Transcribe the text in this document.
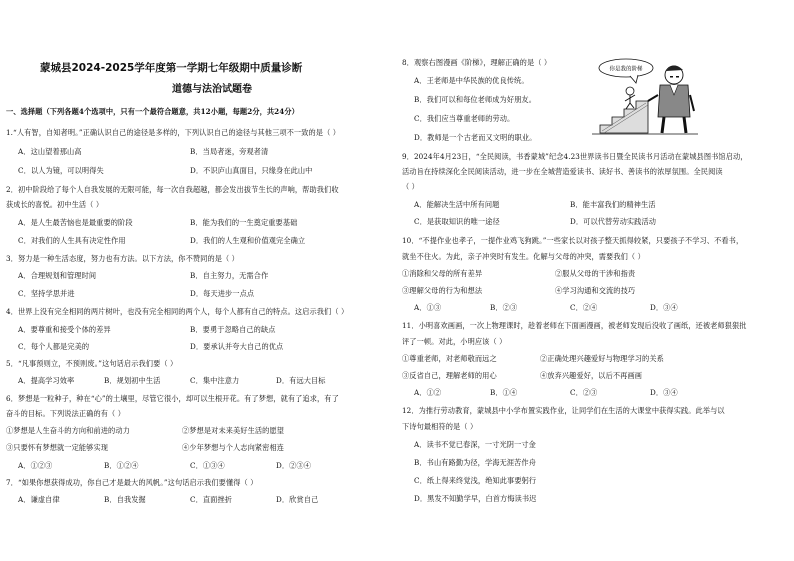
蒙城县2024-2025学年度第一学期七年级期中质量诊断
道德与法治试题卷
一、选择题（下列各题4个选项中，只有一个最符合题意，共12小题，每题2分，共24分）
1.“人有智，自知者明。”正确认识自己的途径是多样的，下列认识自己的途径与其他三项不一致的是（ ）
A．这山望着那山高	B．当局者迷，旁观者清
C．以人为镜，可以明得失	D．不识庐山真面目，只缘身在此山中
2．初中阶段给了每个人自我发展的无限可能，每一次自我超越，都会发出拔节生长的声响，帮助我们收
获成长的喜悦。初中生活（ ）
A．是人生最苦恼也是最重要的阶段	B．能为我们的一生奠定重要基础
C．对我们的人生具有决定性作用	D．我们的人生观和价值观完全确立
3．努力是一种生活态度，努力也有方法。以下方法，你不赞同的是（ ）
A．合理规划和管理时间	B．自主努力，无需合作
C．坚持学思并进	D．每天进步一点点
4．世界上没有完全相同的两片树叶，也没有完全相同的两个人，每个人都有自己的特点。这启示我们（ ）
A．要尊重和接受个体的差异	B．要勇于忽略自己的缺点
C．每个人都是完美的	D．要承认并夸大自己的优点
5．“凡事预则立，不预则废。”这句话启示我们要（ ）
A．提高学习效率	B．规划初中生活	C．集中注意力	D．有远大目标
6．梦想是一粒种子，种在“心”的土壤里，尽管它很小，却可以生根开花。有了梦想，就有了追求，有了
奋斗的目标。下列说法正确的有（ ）
①梦想是人生奋斗的方向和前进的动力	②梦想是对未来美好生活的愿望
③只要怀有梦想就一定能够实现	④少年梦想与个人志向紧密相连
A．①②③	B．①②④	C．①③④	D．②③④
7．“如果你想获得成功，你自己才是最大的风帆。”这句话启示我们要懂得（ ）
A．谦虚自律	B．自我发掘	C．直面挫折	D．欣赏自己
8．观察右图漫画《阶梯》，理解正确的是（ ）
A．王老师是中华民族的优良传统。
B．我们可以和每位老师成为好朋友。
C．我们应当尊重老师的劳动。
D．教师是一个古老而又文明的职业。
你是我的阶梯
9．2024年4月23日，“全民阅读，书香蒙城”纪念4.23世界读书日暨全民读书月活动在蒙城县图书馆启动，
活动旨在持续深化全民阅读活动，进一步在全城营造爱读书、读好书、善读书的浓厚氛围。全民阅读
（ ）
A．能解决生活中所有问题	B．能丰富我们的精神生活
C．是获取知识的唯一途径	D．可以代替劳动实践活动
10．“不提作业也孝子，一提作业鸡飞狗跳。”一些家长以对孩子整天抓得较紧，只要孩子不学习、不看书，
就坐不住火。为此，亲子冲突时有发生。化解与父母的冲突，需要我们（ ）
①消除和父母的所有差异	②服从父母的干涉和指责
③理解父母的行为和想法	④学习沟通和交流的技巧
A．①③	B．②③	C．②④	D．③④
11．小明喜欢画画，一次上物理课时，趁着老师在下面画漫画，被老师发现后没收了画纸，还被老师狠狠批
评了一顿。对此，小明应该（ ）
①尊重老师，对老师敬而远之	②正确处理兴趣爱好与物理学习的关系
③反省自己，理解老师的用心	④放弃兴趣爱好，以后不再画画
A．①②	B．①④	C．②③	D．③④
12．为推行劳动教育，蒙城县中小学布置实践作业，让同学们在生活的大课堂中获得实践。此举与以
下诗句最相符的是（ ）
A．读书不觉已春深，一寸光阴一寸金
B．书山有路勤为径，学海无涯苦作舟
C．纸上得来终觉浅，绝知此事要躬行
D．黑发不知勤学早，白首方悔读书迟
